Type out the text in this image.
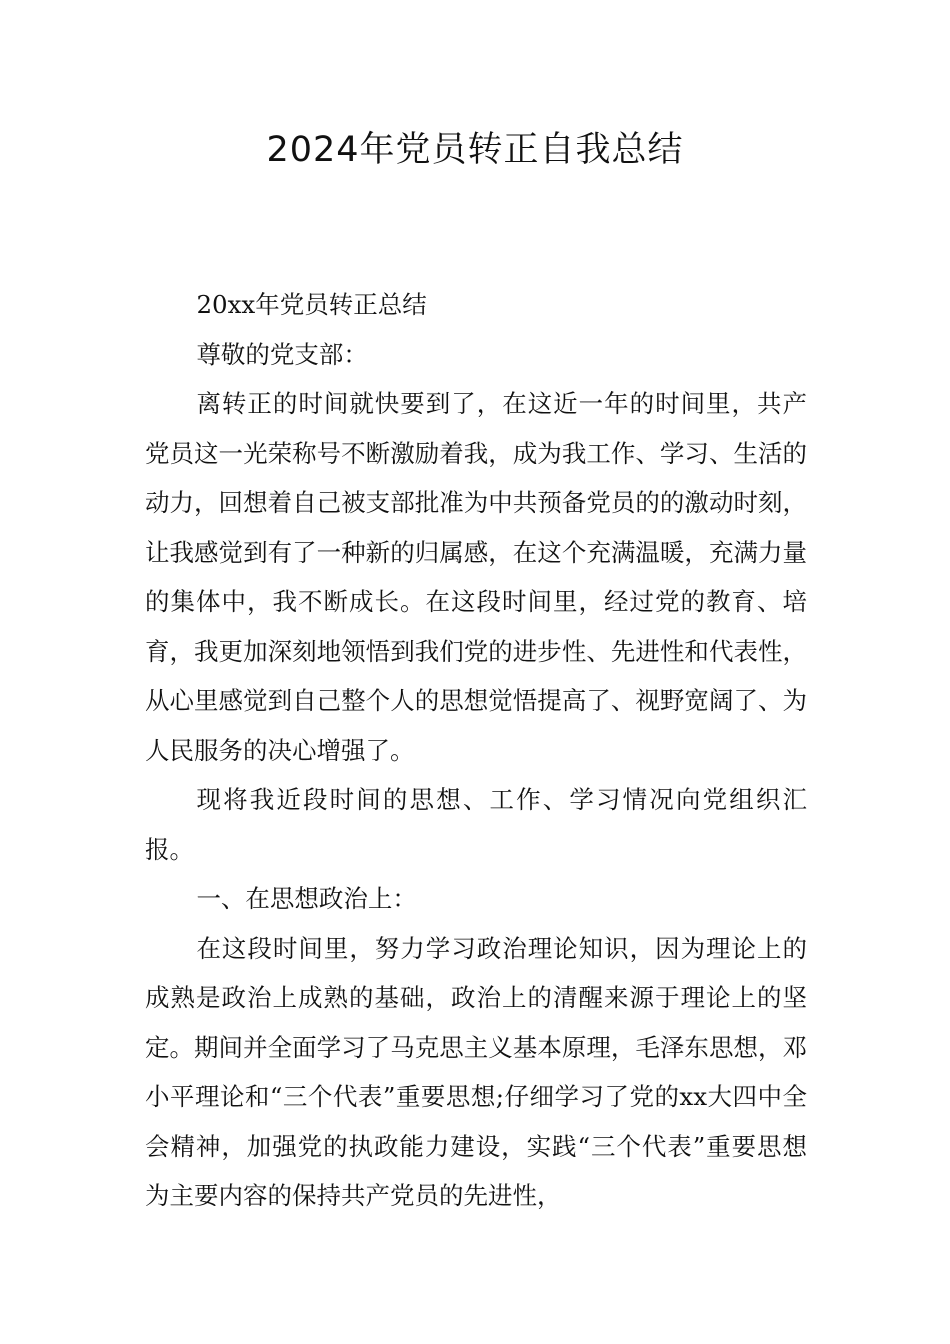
2024年党员转正自我总结

20xx年党员转正总结

尊敬的党支部：

离转正的时间就快要到了，在这近一年的时间里，共产党员这一光荣称号不断激励着我，成为我工作、学习、生活的动力，回想着自己被支部批准为中共预备党员的的激动时刻，让我感觉到有了一种新的归属感，在这个充满温暖，充满力量的集体中，我不断成长。在这段时间里，经过党的教育、培育，我更加深刻地领悟到我们党的进步性、先进性和代表性，从心里感觉到自己整个人的思想觉悟提高了、视野宽阔了、为人民服务的决心增强了。

现将我近段时间的思想、工作、学习情况向党组织汇报。

一、在思想政治上：

在这段时间里，努力学习政治理论知识，因为理论上的成熟是政治上成熟的基础，政治上的清醒来源于理论上的坚定。期间并全面学习了马克思主义基本原理，毛泽东思想，邓小平理论和“三个代表”重要思想;仔细学习了党的xx大四中全会精神，加强党的执政能力建设，实践“三个代表”重要思想为主要内容的保持共产党员的先进性，
